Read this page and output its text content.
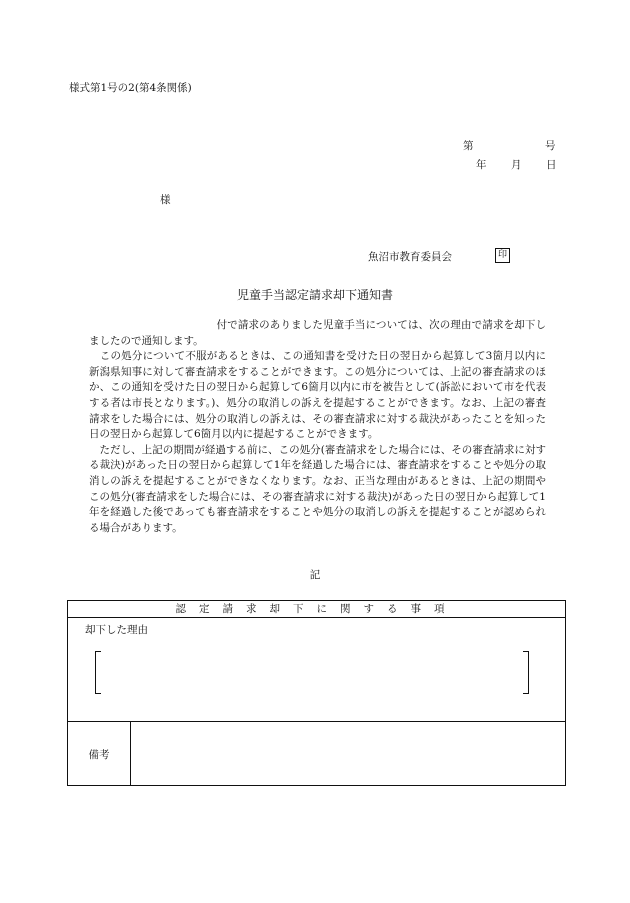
様式第1号の2(第4条関係)
第	号
年 月 日
様
魚沼市教育委員会	印
児童手当認定請求却下通知書

　　　　　　　　　　　　付で請求のありました児童手当については、次の理由で請求を却下しましたので通知します。

　この処分について不服があるときは、この通知書を受けた日の翌日から起算して3箇月以内に新潟県知事に対して審査請求をすることができます。この処分については、上記の審査請求のほか、この通知を受けた日の翌日から起算して6箇月以内に市を被告として(訴訟において市を代表する者は市長となります。)、処分の取消しの訴えを提起することができます。なお、上記の審査請求をした場合には、処分の取消しの訴えは、その審査請求に対する裁決があったことを知った日の翌日から起算して6箇月以内に提起することができます。

　ただし、上記の期間が経過する前に、この処分(審査請求をした場合には、その審査請求に対する裁決)があった日の翌日から起算して1年を経過した場合には、審査請求をすることや処分の取消しの訴えを提起することができなくなります。なお、正当な理由があるときは、上記の期間やこの処分(審査請求をした場合には、その審査請求に対する裁決)があった日の翌日から起算して1年を経過した後であっても審査請求をすることや処分の取消しの訴えを提起することが認められる場合があります。

記
認定請求却下に関する事項
却下した理由
備考
